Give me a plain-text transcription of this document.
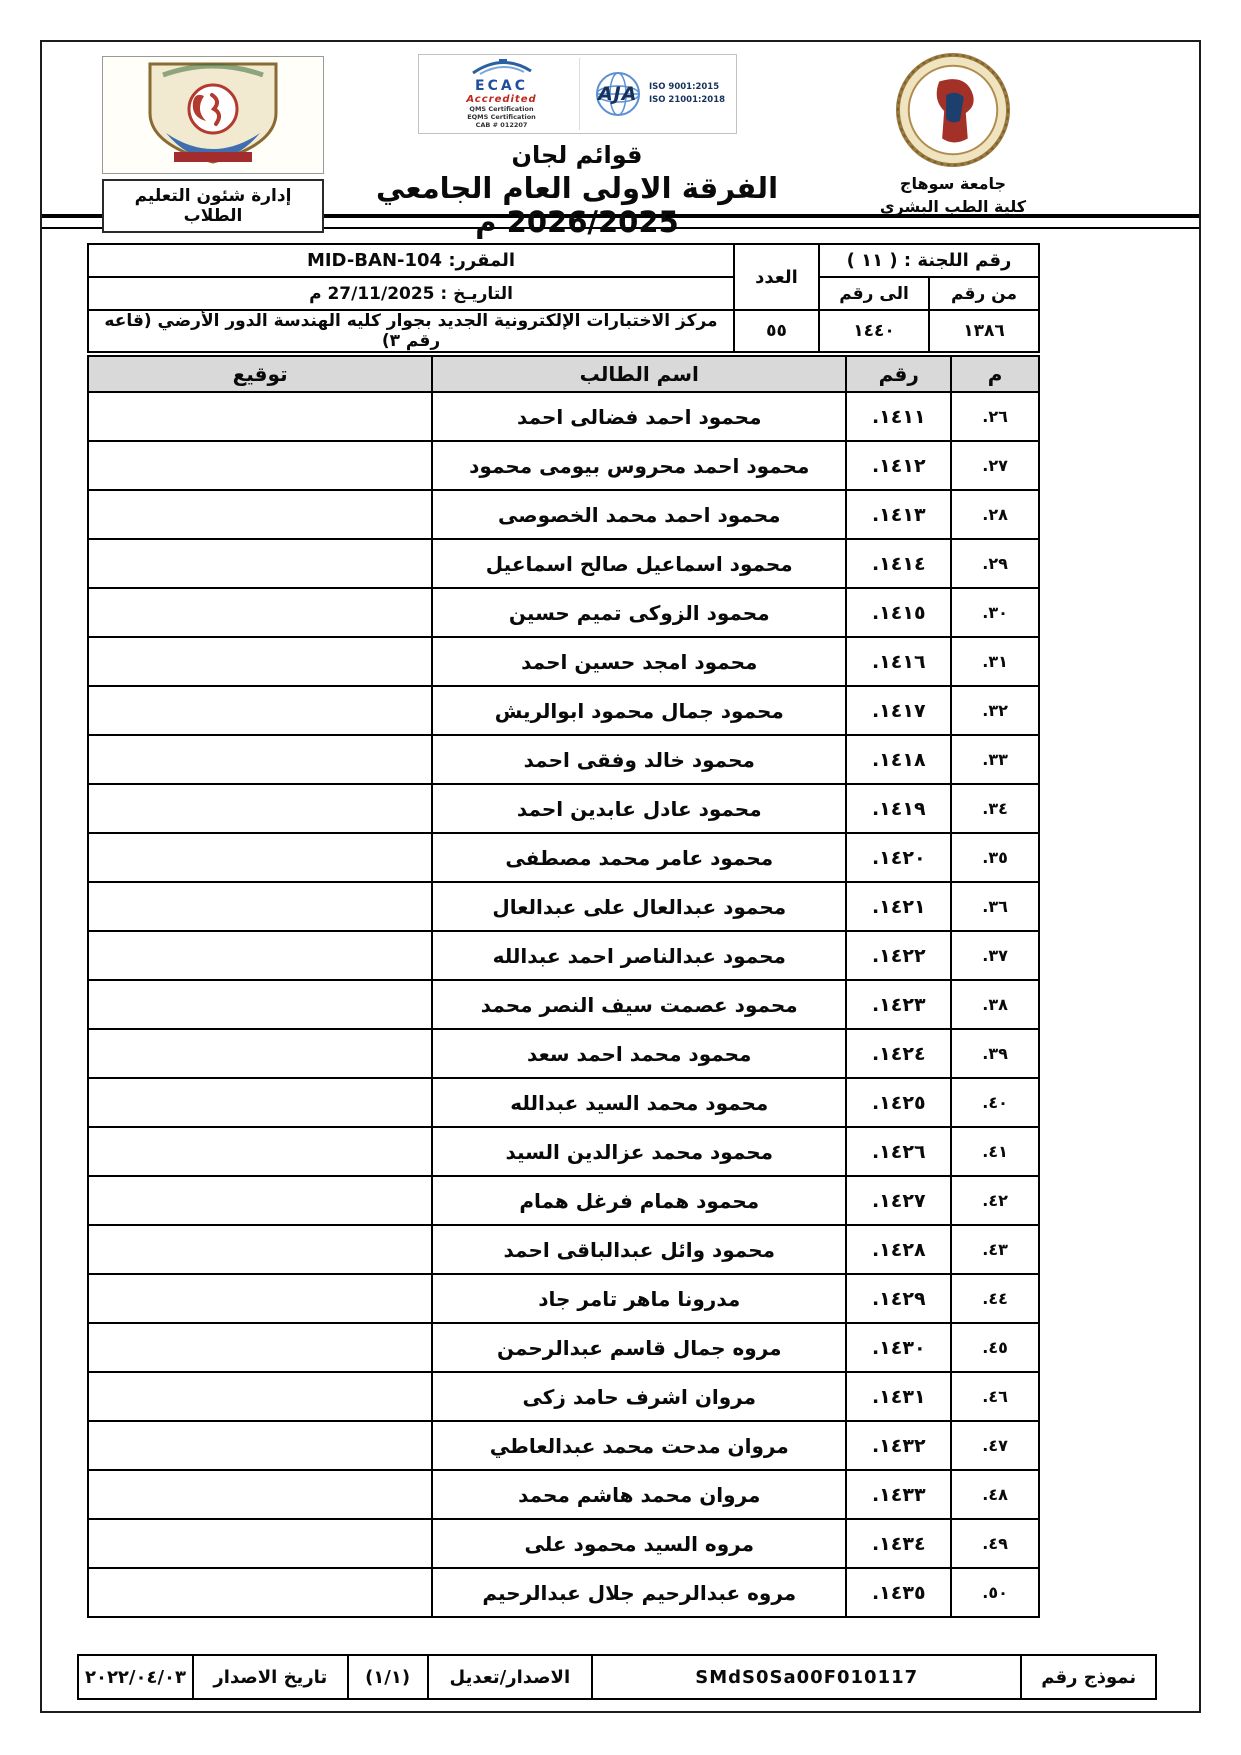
إدارة شئون التعليم الطلاب
ECAC
Accredited
QMS Certification
EQMS Certification
CAB # 012207
AJA ISO 9001:2015
ISO 21001:2018
قوائم لجان
الفرقة الاولى العام الجامعي 2026/2025 م
جامعة سوهاج
كلية الطب البشرى
رقم اللجنة : ( ١١ )		العدد	المقرر: MID-BAN-104
من رقم	الى رقم		التاريـخ : 27/11/2025 م
١٣٨٦	١٤٤٠	٥٥	مركز الاختبارات الإلكترونية الجديد بجوار كليه الهندسة الدور الأرضي (قاعه رقم ٣)
م	رقم	اسم الطالب	توقيع
٢٦.	١٤١١.	محمود احمد فضالى احمد	
٢٧.	١٤١٢.	محمود احمد محروس بيومى محمود	
٢٨.	١٤١٣.	محمود احمد محمد الخصوصى	
٢٩.	١٤١٤.	محمود اسماعيل صالح اسماعيل	
٣٠.	١٤١٥.	محمود الزوكى تميم حسين	
٣١.	١٤١٦.	محمود امجد حسين احمد	
٣٢.	١٤١٧.	محمود جمال محمود ابوالريش	
٣٣.	١٤١٨.	محمود خالد وفقى احمد	
٣٤.	١٤١٩.	محمود عادل عابدين احمد	
٣٥.	١٤٢٠.	محمود عامر محمد مصطفى	
٣٦.	١٤٢١.	محمود عبدالعال على عبدالعال	
٣٧.	١٤٢٢.	محمود عبدالناصر احمد عبدالله	
٣٨.	١٤٢٣.	محمود عصمت سيف النصر محمد	
٣٩.	١٤٢٤.	محمود محمد احمد سعد	
٤٠.	١٤٢٥.	محمود محمد السيد عبدالله	
٤١.	١٤٢٦.	محمود محمد عزالدين السيد	
٤٢.	١٤٢٧.	محمود همام فرغل همام	
٤٣.	١٤٢٨.	محمود وائل عبدالباقى احمد	
٤٤.	١٤٢٩.	مدرونا ماهر تامر جاد	
٤٥.	١٤٣٠.	مروه جمال قاسم عبدالرحمن	
٤٦.	١٤٣١.	مروان اشرف حامد زكى	
٤٧.	١٤٣٢.	مروان مدحت محمد عبدالعاطي	
٤٨.	١٤٣٣.	مروان محمد هاشم محمد	
٤٩.	١٤٣٤.	مروه السيد محمود على	
٥٠.	١٤٣٥.	مروه عبدالرحيم جلال عبدالرحيم	
نموذج رقم	SMdS0Sa00F010117	الاصدار/تعديل	(١/١)	تاريخ الاصدار	٢٠٢٢/٠٤/٠٣
